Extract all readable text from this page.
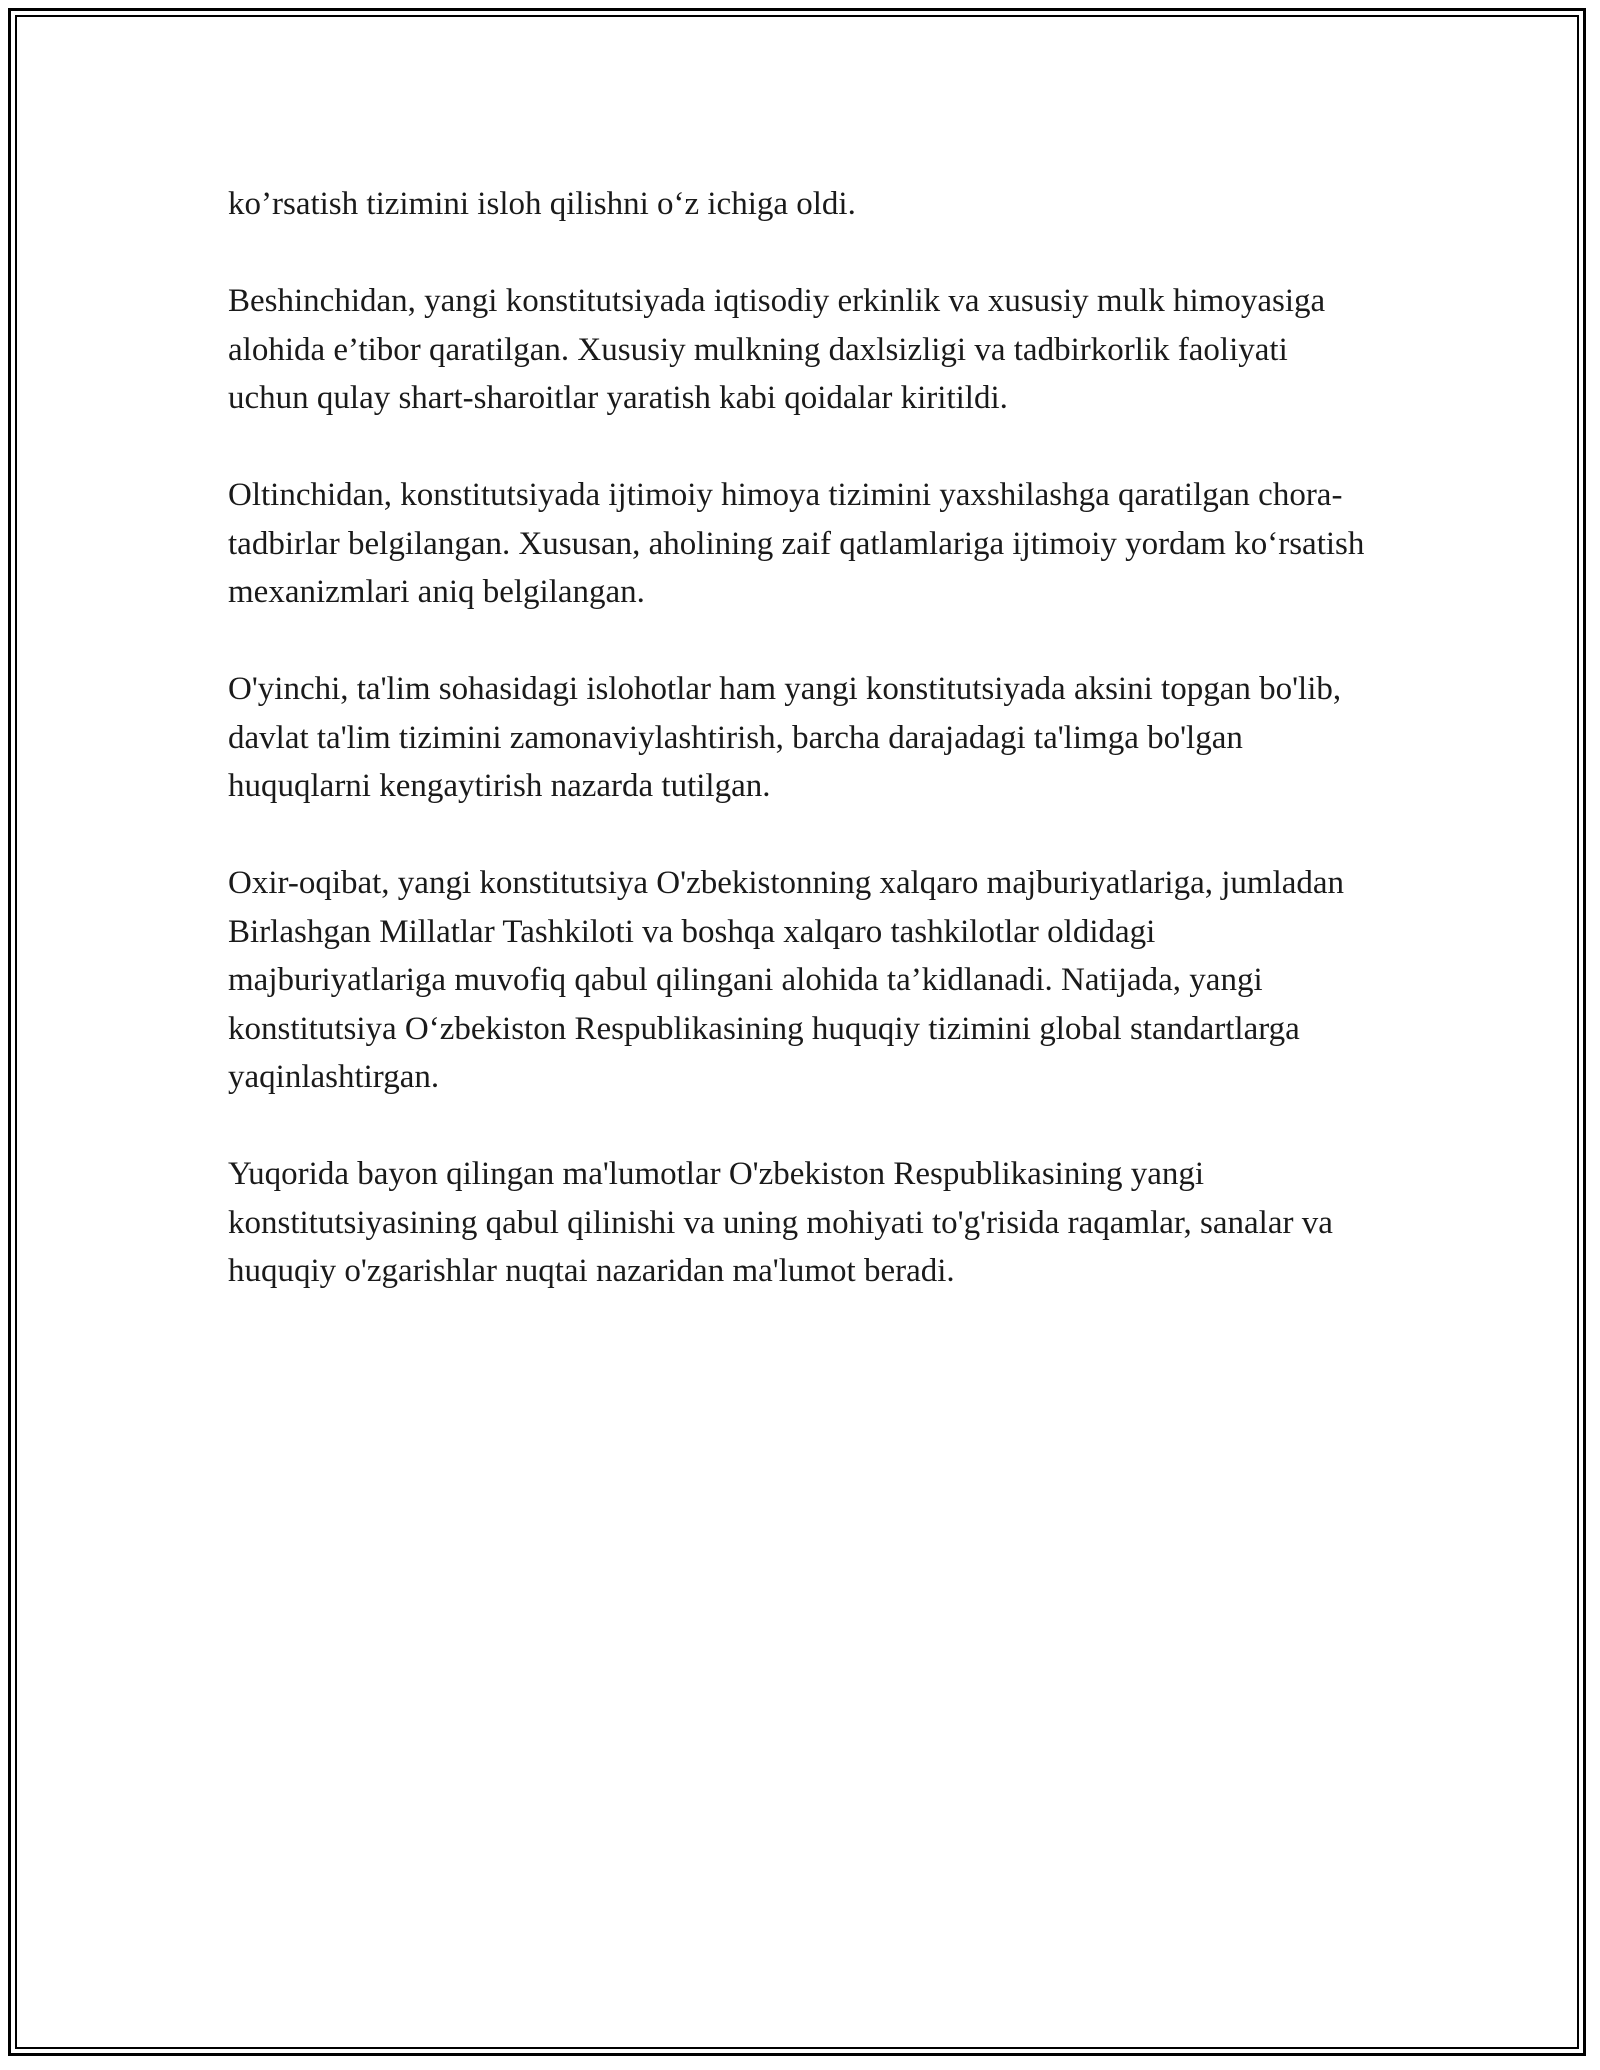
ko’rsatish tizimini isloh qilishni o‘z ichiga oldi.

Beshinchidan, yangi konstitutsiyada iqtisodiy erkinlik va xususiy mulk himoyasiga alohida e’tibor qaratilgan. Xususiy mulkning daxlsizligi va tadbirkorlik faoliyati uchun qulay shart-sharoitlar yaratish kabi qoidalar kiritildi.

Oltinchidan, konstitutsiyada ijtimoiy himoya tizimini yaxshilashga qaratilgan chora-tadbirlar belgilangan. Xususan, aholining zaif qatlamlariga ijtimoiy yordam ko‘rsatish mexanizmlari aniq belgilangan.

O'yinchi, ta'lim sohasidagi islohotlar ham yangi konstitutsiyada aksini topgan bo'lib, davlat ta'lim tizimini zamonaviylashtirish, barcha darajadagi ta'limga bo'lgan huquqlarni kengaytirish nazarda tutilgan.

Oxir-oqibat, yangi konstitutsiya O'zbekistonning xalqaro majburiyatlariga, jumladan Birlashgan Millatlar Tashkiloti va boshqa xalqaro tashkilotlar oldidagi majburiyatlariga muvofiq qabul qilingani alohida ta’kidlanadi. Natijada, yangi konstitutsiya O‘zbekiston Respublikasining huquqiy tizimini global standartlarga yaqinlashtirgan.

Yuqorida bayon qilingan ma'lumotlar O'zbekiston Respublikasining yangi konstitutsiyasining qabul qilinishi va uning mohiyati to'g'risida raqamlar, sanalar va huquqiy o'zgarishlar nuqtai nazaridan ma'lumot beradi.
